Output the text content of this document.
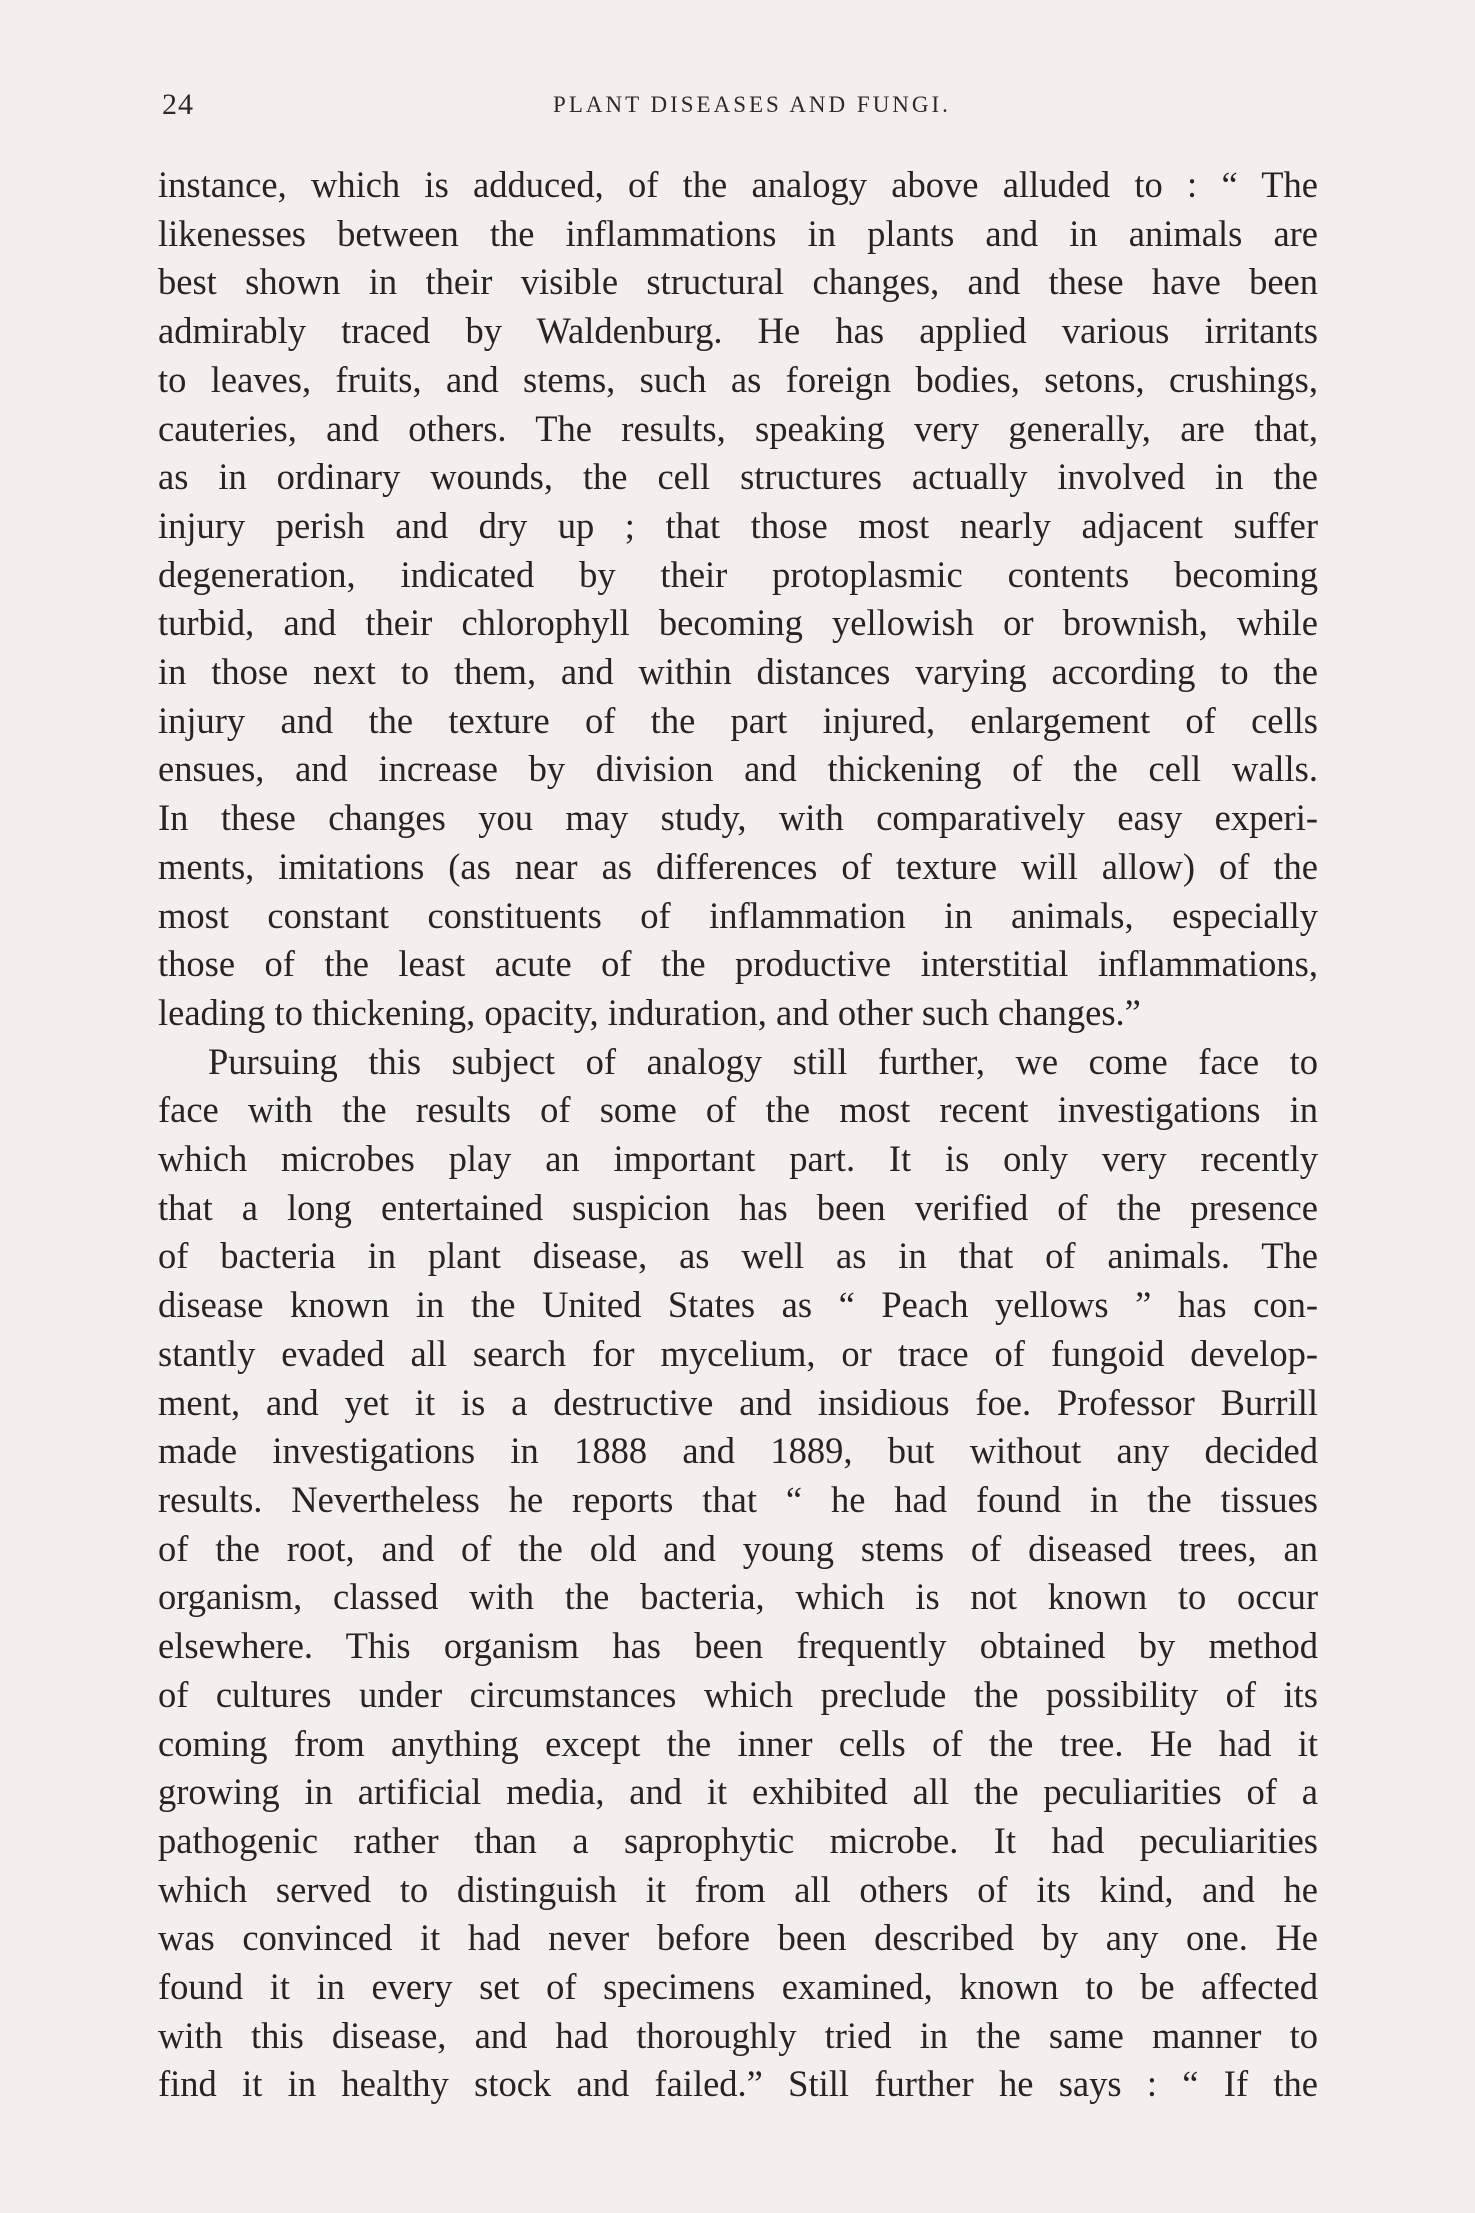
24	PLANT DISEASES AND FUNGI.
instance, which is adduced, of the analogy above alluded to : “ The
likenesses between the inflammations in plants and in animals are
best shown in their visible structural changes, and these have been
admirably traced by Waldenburg. He has applied various irritants
to leaves, fruits, and stems, such as foreign bodies, setons, crushings,
cauteries, and others. The results, speaking very generally, are that,
as in ordinary wounds, the cell structures actually involved in the
injury perish and dry up ; that those most nearly adjacent suffer
degeneration, indicated by their protoplasmic contents becoming
turbid, and their chlorophyll becoming yellowish or brownish, while
in those next to them, and within distances varying according to the
injury and the texture of the part injured, enlargement of cells
ensues, and increase by division and thickening of the cell walls.
In these changes you may study, with comparatively easy experi-
ments, imitations (as near as differences of texture will allow) of the
most constant constituents of inflammation in animals, especially
those of the least acute of the productive interstitial inflammations,
leading to thickening, opacity, induration, and other such changes.”
Pursuing this subject of analogy still further, we come face to
face with the results of some of the most recent investigations in
which microbes play an important part. It is only very recently
that a long entertained suspicion has been verified of the presence
of bacteria in plant disease, as well as in that of animals. The
disease known in the United States as “ Peach yellows ” has con-
stantly evaded all search for mycelium, or trace of fungoid develop-
ment, and yet it is a destructive and insidious foe. Professor Burrill
made investigations in 1888 and 1889, but without any decided
results. Nevertheless he reports that “ he had found in the tissues
of the root, and of the old and young stems of diseased trees, an
organism, classed with the bacteria, which is not known to occur
elsewhere. This organism has been frequently obtained by method
of cultures under circumstances which preclude the possibility of its
coming from anything except the inner cells of the tree. He had it
growing in artificial media, and it exhibited all the peculiarities of a
pathogenic rather than a saprophytic microbe. It had peculiarities
which served to distinguish it from all others of its kind, and he
was convinced it had never before been described by any one. He
found it in every set of specimens examined, known to be affected
with this disease, and had thoroughly tried in the same manner to
find it in healthy stock and failed.” Still further he says : “ If the
